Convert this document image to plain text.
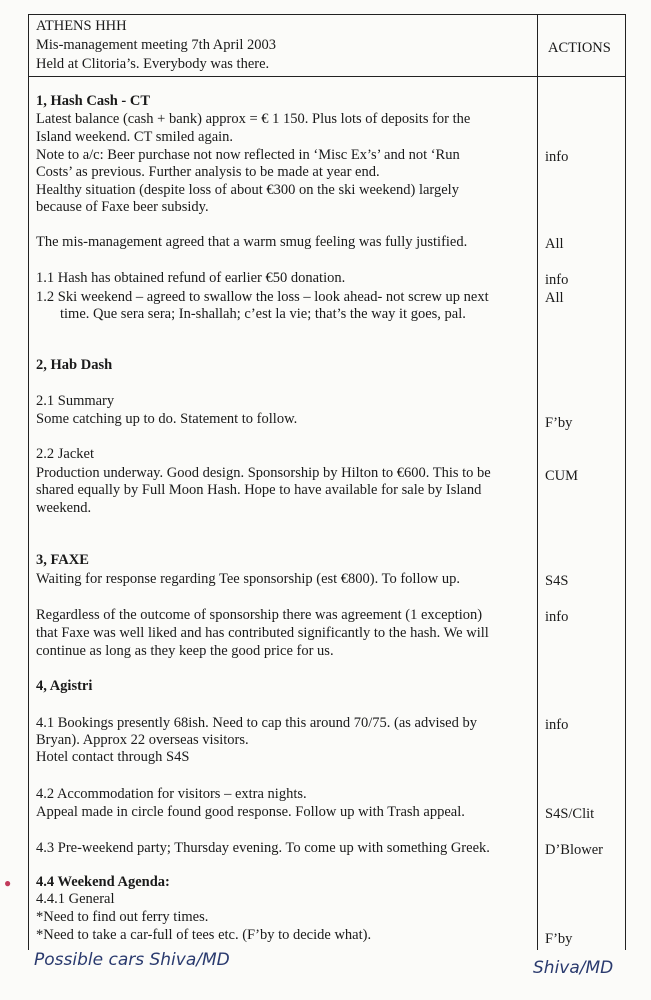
ATHENS HHH
Mis-management meeting 7th April 2003
Held at Clitoria’s. Everybody was there.
ACTIONS
1, Hash Cash - CT
Latest balance (cash + bank) approx = € 1 150. Plus lots of deposits for the
Island weekend. CT smiled again.
Note to a/c: Beer purchase not now reflected in ‘Misc Ex’s’ and not ‘Run	info
Costs’ as previous. Further analysis to be made at year end.
Healthy situation (despite loss of about €300 on the ski weekend) largely
because of Faxe beer subsidy.
The mis-management agreed that a warm smug feeling was fully justified.	All
1.1 Hash has obtained refund of earlier €50 donation.	info
1.2 Ski weekend – agreed to swallow the loss – look ahead- not screw up next	All
time. Que sera sera; In-shallah; c’est la vie; that’s the way it goes, pal.
2, Hab Dash
2.1 Summary
Some catching up to do. Statement to follow.	F’by
2.2 Jacket
Production underway. Good design. Sponsorship by Hilton to €600. This to be	CUM
shared equally by Full Moon Hash. Hope to have available for sale by Island
weekend.
3, FAXE
Waiting for response regarding Tee sponsorship (est €800). To follow up.	S4S
Regardless of the outcome of sponsorship there was agreement (1 exception)	info
that Faxe was well liked and has contributed significantly to the hash. We will
continue as long as they keep the good price for us.
4, Agistri
4.1 Bookings presently 68ish. Need to cap this around 70/75. (as advised by	info
Bryan). Approx 22 overseas visitors.
Hotel contact through S4S
4.2 Accommodation for visitors – extra nights.
Appeal made in circle found good response. Follow up with Trash appeal.	S4S/Clit
4.3 Pre-weekend party; Thursday evening. To come up with something Greek.	D’Blower
● 4.4 Weekend Agenda:
4.4.1 General
*Need to find out ferry times.
*Need to take a car-full of tees etc. (F’by to decide what).	F’by
Possible cars Shiva/MD	Shiva/MD
